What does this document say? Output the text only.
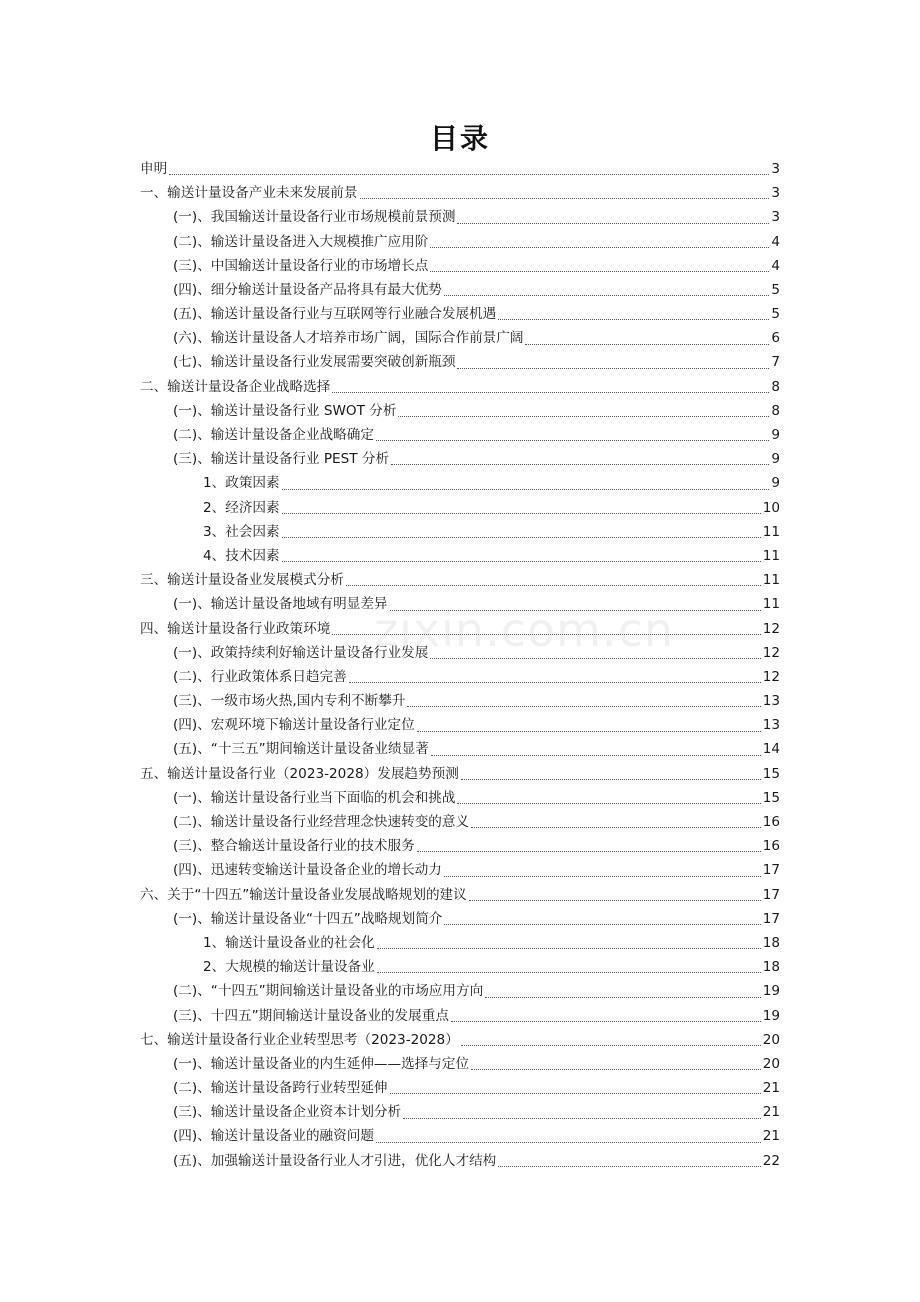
目录
申明	3
一、输送计量设备产业未来发展前景	3
(一)、我国输送计量设备行业市场规模前景预测	3
(二)、输送计量设备进入大规模推广应用阶	4
(三)、中国输送计量设备行业的市场增长点	4
(四)、细分输送计量设备产品将具有最大优势	5
(五)、输送计量设备行业与互联网等行业融合发展机遇	5
(六)、输送计量设备人才培养市场广阔，国际合作前景广阔	6
(七)、输送计量设备行业发展需要突破创新瓶颈	7
二、输送计量设备企业战略选择	8
(一)、输送计量设备行业 SWOT 分析	8
(二)、输送计量设备企业战略确定	9
(三)、输送计量设备行业 PEST 分析	9
1、政策因素	9
2、经济因素	10
3、社会因素	11
4、技术因素	11
三、输送计量设备业发展模式分析	11
(一)、输送计量设备地域有明显差异	11
四、输送计量设备行业政策环境	12
(一)、政策持续利好输送计量设备行业发展	12
(二)、行业政策体系日趋完善	12
(三)、一级市场火热,国内专利不断攀升	13
(四)、宏观环境下输送计量设备行业定位	13
(五)、“十三五”期间输送计量设备业绩显著	14
五、输送计量设备行业（2023-2028）发展趋势预测	15
(一)、输送计量设备行业当下面临的机会和挑战	15
(二)、输送计量设备行业经营理念快速转变的意义	16
(三)、整合输送计量设备行业的技术服务	16
(四)、迅速转变输送计量设备企业的增长动力	17
六、关于“十四五”输送计量设备业发展战略规划的建议	17
(一)、输送计量设备业“十四五”战略规划简介	17
1、输送计量设备业的社会化	18
2、大规模的输送计量设备业	18
(二)、“十四五”期间输送计量设备业的市场应用方向	19
(三)、十四五”期间输送计量设备业的发展重点	19
七、输送计量设备行业企业转型思考（2023-2028）	20
(一)、输送计量设备业的内生延伸——选择与定位	20
(二)、输送计量设备跨行业转型延伸	21
(三)、输送计量设备企业资本计划分析	21
(四)、输送计量设备业的融资问题	21
(五)、加强输送计量设备行业人才引进，优化人才结构	22
zixin.com.cn
